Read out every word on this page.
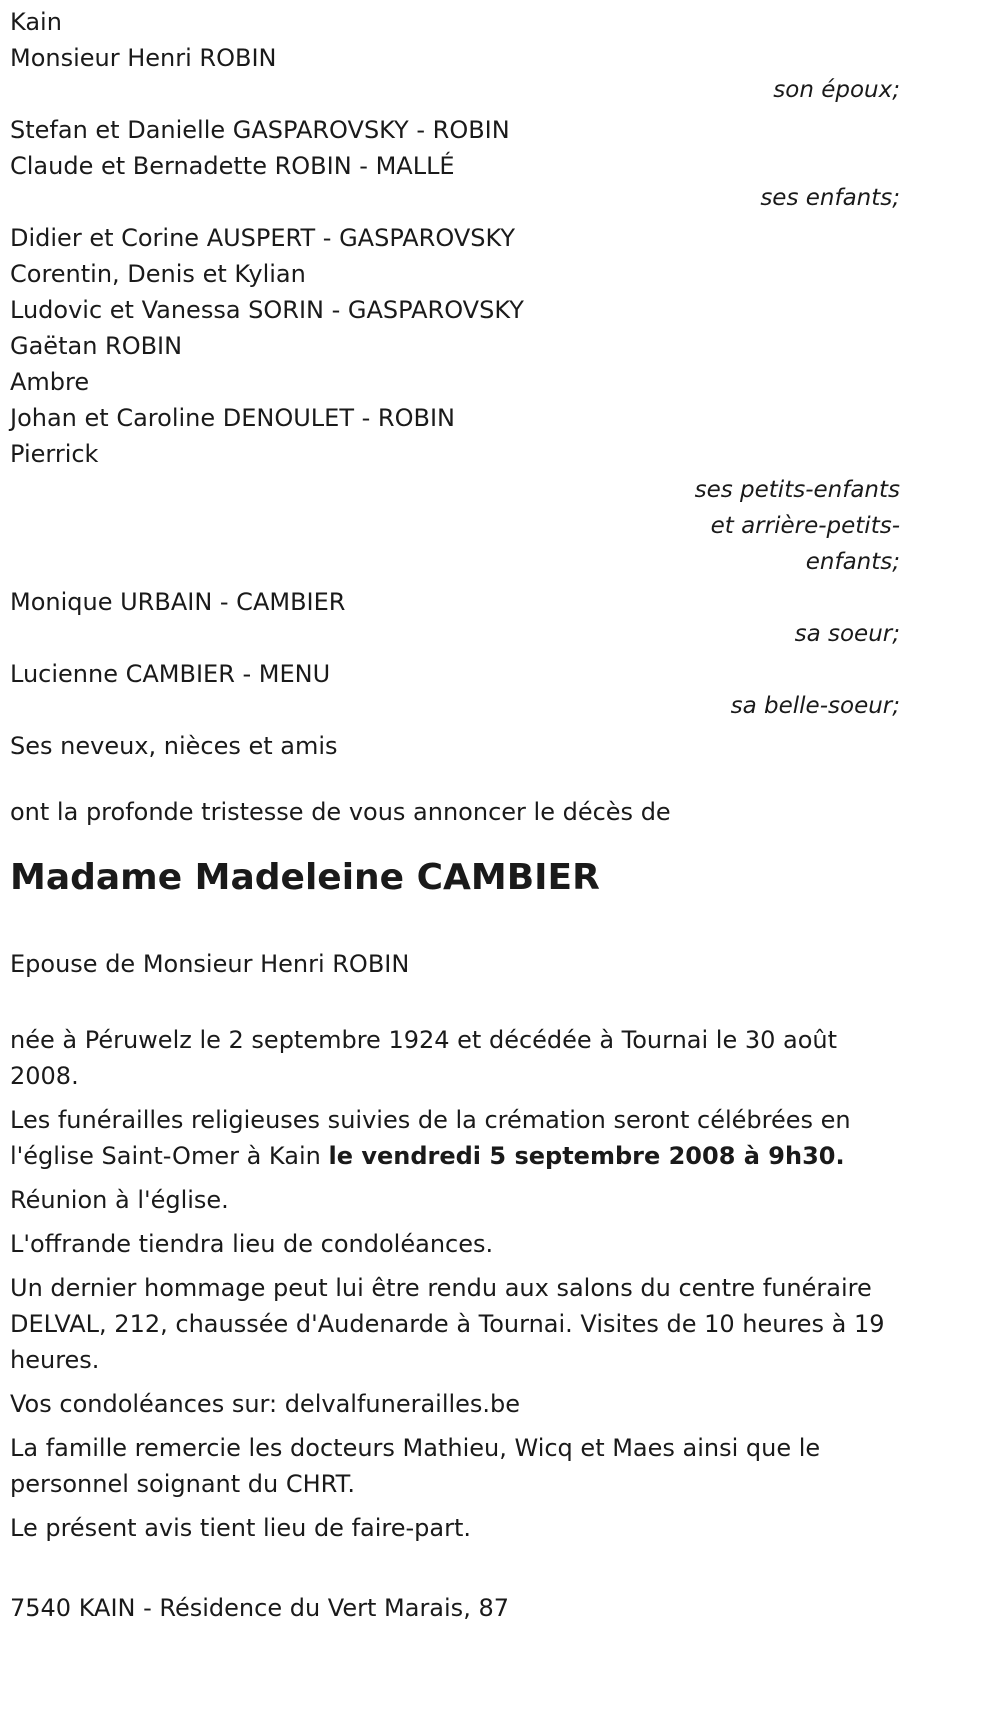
Kain
Monsieur Henri ROBIN
son époux;
Stefan et Danielle GASPAROVSKY - ROBIN
Claude et Bernadette ROBIN - MALLÉ
ses enfants;
Didier et Corine AUSPERT - GASPAROVSKY
Corentin, Denis et Kylian
Ludovic et Vanessa SORIN - GASPAROVSKY
Gaëtan ROBIN
Ambre
Johan et Caroline DENOULET - ROBIN
Pierrick
ses petits-enfants
et arrière-petits-
enfants;
Monique URBAIN - CAMBIER
sa soeur;
Lucienne CAMBIER - MENU
sa belle-soeur;
Ses neveux, nièces et amis
ont la profonde tristesse de vous annoncer le décès de
Madame Madeleine CAMBIER
Epouse de Monsieur Henri ROBIN
née à Péruwelz le 2 septembre 1924 et décédée à Tournai le 30 août 2008.
Les funérailles religieuses suivies de la crémation seront célébrées en l'église Saint-Omer à Kain le vendredi 5 septembre 2008 à 9h30.
Réunion à l'église.
L'offrande tiendra lieu de condoléances.
Un dernier hommage peut lui être rendu aux salons du centre funéraire DELVAL, 212, chaussée d'Audenarde à Tournai. Visites de 10 heures à 19 heures.
Vos condoléances sur: delvalfunerailles.be
La famille remercie les docteurs Mathieu, Wicq et Maes ainsi que le personnel soignant du CHRT.
Le présent avis tient lieu de faire-part.
7540 KAIN - Résidence du Vert Marais, 87
